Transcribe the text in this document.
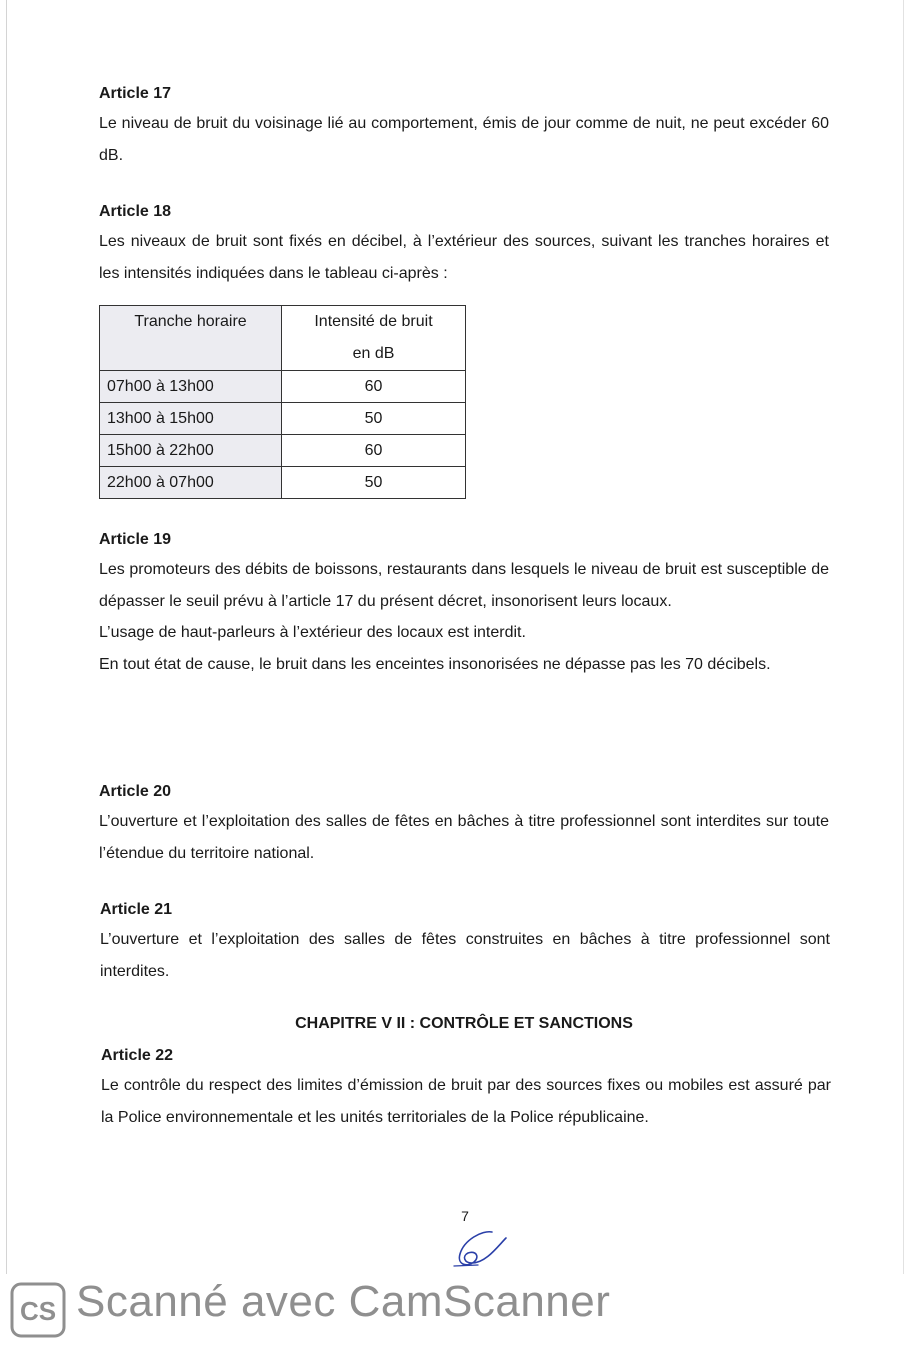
Article 17

Le niveau de bruit du voisinage lié au comportement, émis de jour comme de nuit, ne peut excéder 60 dB.

Article 18

Les niveaux de bruit sont fixés en décibel, à l’extérieur des sources, suivant les tranches horaires et les intensités indiquées dans le tableau ci-après :

Tranche horaire	Intensité de bruit
en dB

07h00 à 13h00	60
13h00 à 15h00	50
15h00 à 22h00	60
22h00 à 07h00	50
Article 19

Les promoteurs des débits de boissons, restaurants dans lesquels le niveau de bruit est susceptible de dépasser le seuil prévu à l’article 17 du présent décret, insonorisent leurs locaux.

L’usage de haut-parleurs à l’extérieur des locaux est interdit.

En tout état de cause, le bruit dans les enceintes insonorisées ne dépasse pas les 70 décibels.

Article 20

L’ouverture et l’exploitation des salles de fêtes en bâches à titre professionnel sont interdites sur toute l’étendue du territoire national.

Article 21

L’ouverture et l’exploitation des salles de fêtes construites en bâches à titre professionnel sont interdites.

CHAPITRE V II : CONTRÔLE ET SANCTIONS
Article 22

Le contrôle du respect des limites d’émission de bruit par des sources fixes ou mobiles est assuré par la Police environnementale et les unités territoriales de la Police républicaine.

7
CS Scanné avec CamScanner
